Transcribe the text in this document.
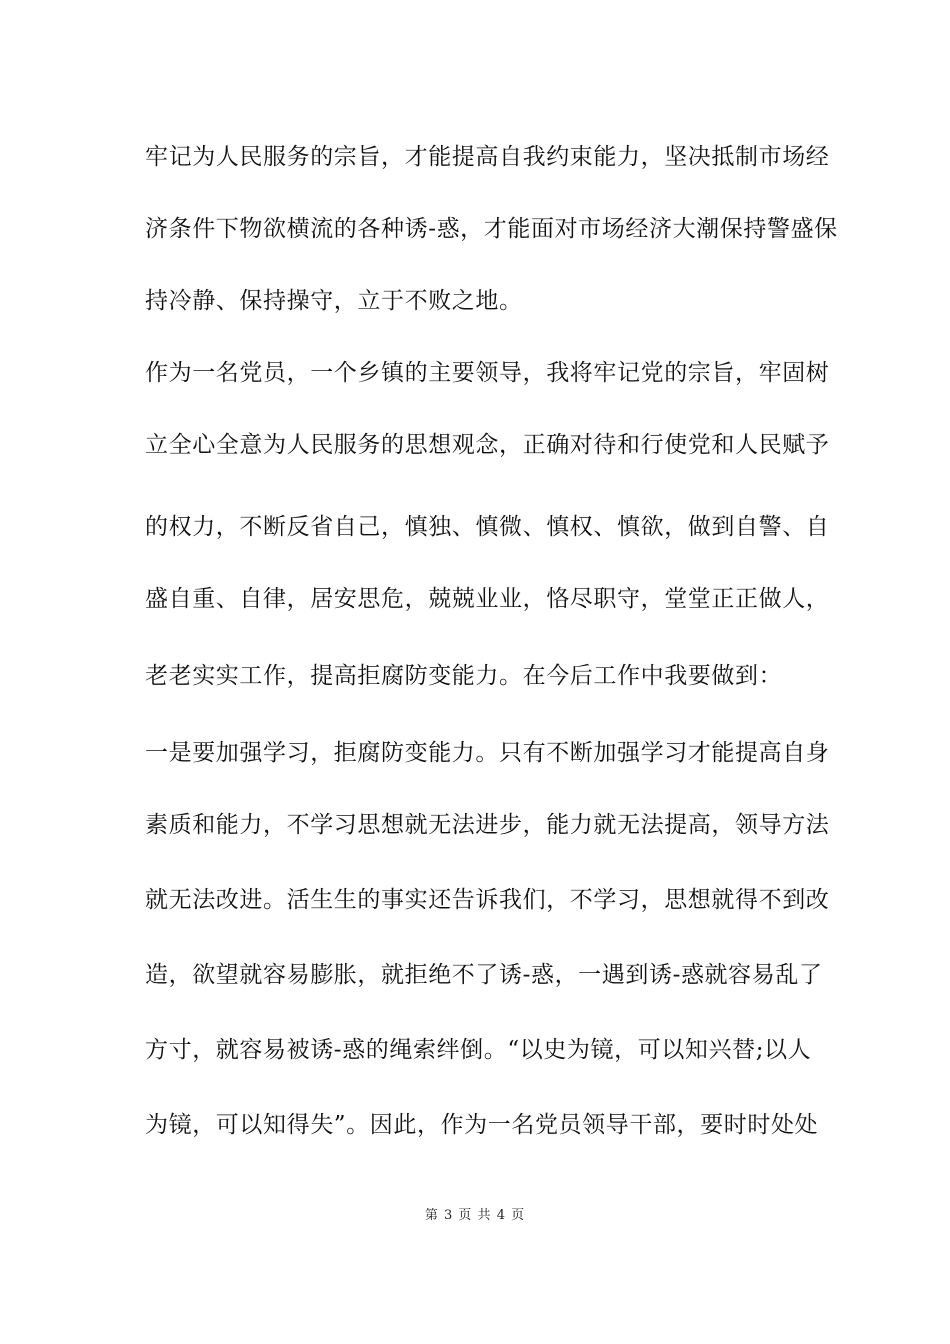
牢记为人民服务的宗旨，才能提高自我约束能力，坚决抵制市场经
济条件下物欲横流的各种诱-惑，才能面对市场经济大潮保持警盛保
持冷静、保持操守，立于不败之地。
作为一名党员，一个乡镇的主要领导，我将牢记党的宗旨，牢固树
立全心全意为人民服务的思想观念，正确对待和行使党和人民赋予
的权力，不断反省自己，慎独、慎微、慎权、慎欲，做到自警、自
盛自重、自律，居安思危，兢兢业业，恪尽职守，堂堂正正做人，
老老实实工作，提高拒腐防变能力。在今后工作中我要做到：
一是要加强学习，拒腐防变能力。只有不断加强学习才能提高自身
素质和能力，不学习思想就无法进步，能力就无法提高，领导方法
就无法改进。活生生的事实还告诉我们，不学习，思想就得不到改
造，欲望就容易膨胀，就拒绝不了诱-惑，一遇到诱-惑就容易乱了
方寸，就容易被诱-惑的绳索绊倒。“以史为镜，可以知兴替;以人
为镜，可以知得失”。因此，作为一名党员领导干部，要时时处处
第 3 页 共 4 页
